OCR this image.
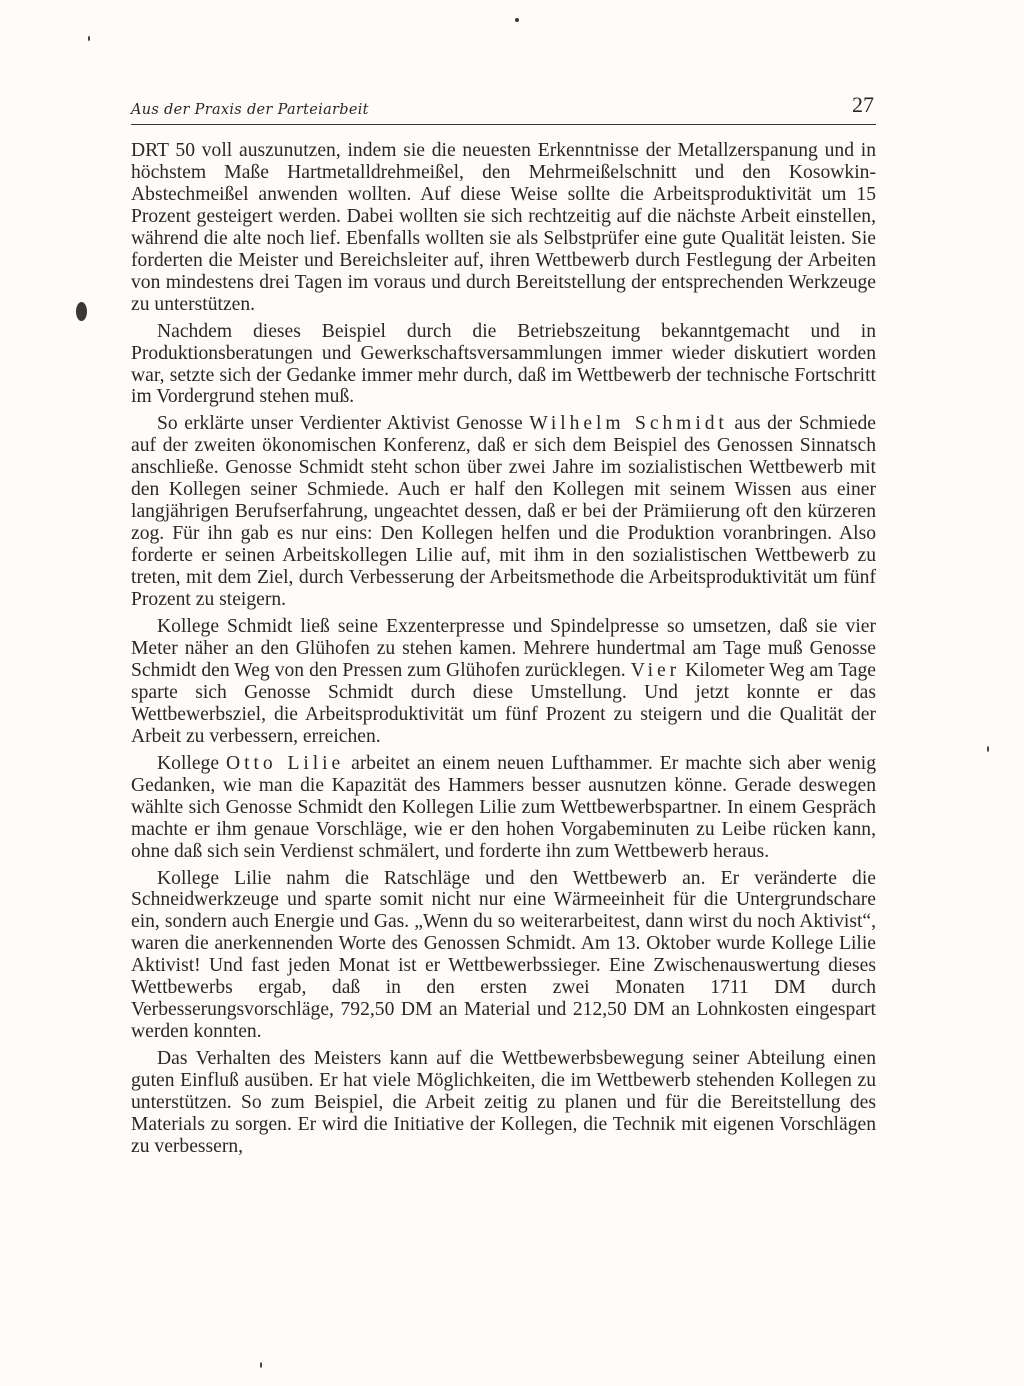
Aus der Praxis der Parteiarbeit	27

DRT 50 voll auszunutzen, indem sie die neuesten Erkenntnisse der Metallzerspanung und in höchstem Maße Hartmetalldrehmeißel, den Mehrmeißelschnitt und den Kosowkin-Abstechmeißel anwenden wollten. Auf diese Weise sollte die Arbeitsproduktivität um 15 Prozent gesteigert werden. Dabei wollten sie sich rechtzeitig auf die nächste Arbeit einstellen, während die alte noch lief. Ebenfalls wollten sie als Selbstprüfer eine gute Qualität leisten. Sie forderten die Meister und Bereichsleiter auf, ihren Wettbewerb durch Festlegung der Arbeiten von mindestens drei Tagen im voraus und durch Bereitstellung der entsprechenden Werkzeuge zu unterstützen.

Nachdem dieses Beispiel durch die Betriebszeitung bekanntgemacht und in Produktionsberatungen und Gewerkschaftsversammlungen immer wieder diskutiert worden war, setzte sich der Gedanke immer mehr durch, daß im Wettbewerb der technische Fortschritt im Vordergrund stehen muß.

So erklärte unser Verdienter Aktivist Genosse Wilhelm Schmidt aus der Schmiede auf der zweiten ökonomischen Konferenz, daß er sich dem Beispiel des Genossen Sinnatsch anschließe. Genosse Schmidt steht schon über zwei Jahre im sozialistischen Wettbewerb mit den Kollegen seiner Schmiede. Auch er half den Kollegen mit seinem Wissen aus einer langjährigen Berufserfahrung, ungeachtet dessen, daß er bei der Prämiierung oft den kürzeren zog. Für ihn gab es nur eins: Den Kollegen helfen und die Produktion voranbringen. Also forderte er seinen Arbeitskollegen Lilie auf, mit ihm in den sozialistischen Wettbewerb zu treten, mit dem Ziel, durch Verbesserung der Arbeitsmethode die Arbeitsproduktivität um fünf Prozent zu steigern.

Kollege Schmidt ließ seine Exzenterpresse und Spindelpresse so umsetzen, daß sie vier Meter näher an den Glühofen zu stehen kamen. Mehrere hundertmal am Tage muß Genosse Schmidt den Weg von den Pressen zum Glühofen zurücklegen. Vier Kilometer Weg am Tage sparte sich Genosse Schmidt durch diese Umstellung. Und jetzt konnte er das Wettbewerbsziel, die Arbeitsproduktivität um fünf Prozent zu steigern und die Qualität der Arbeit zu verbessern, erreichen.

Kollege Otto Lilie arbeitet an einem neuen Lufthammer. Er machte sich aber wenig Gedanken, wie man die Kapazität des Hammers besser ausnutzen könne. Gerade deswegen wählte sich Genosse Schmidt den Kollegen Lilie zum Wettbewerbspartner. In einem Gespräch machte er ihm genaue Vorschläge, wie er den hohen Vorgabeminuten zu Leibe rücken kann, ohne daß sich sein Verdienst schmälert, und forderte ihn zum Wettbewerb heraus.

Kollege Lilie nahm die Ratschläge und den Wettbewerb an. Er veränderte die Schneidwerkzeuge und sparte somit nicht nur eine Wärmeeinheit für die Untergrundschare ein, sondern auch Energie und Gas. „Wenn du so weiterarbeitest, dann wirst du noch Aktivist“, waren die anerkennenden Worte des Genossen Schmidt. Am 13. Oktober wurde Kollege Lilie Aktivist! Und fast jeden Monat ist er Wettbewerbssieger. Eine Zwischenauswertung dieses Wettbewerbs ergab, daß in den ersten zwei Monaten 1711 DM durch Verbesserungsvorschläge, 792,50 DM an Material und 212,50 DM an Lohnkosten eingespart werden konnten.

Das Verhalten des Meisters kann auf die Wettbewerbsbewegung seiner Abteilung einen guten Einfluß ausüben. Er hat viele Möglichkeiten, die im Wettbewerb stehenden Kollegen zu unterstützen. So zum Beispiel, die Arbeit zeitig zu planen und für die Bereitstellung des Materials zu sorgen. Er wird die Initiative der Kollegen, die Technik mit eigenen Vorschlägen zu verbessern,
